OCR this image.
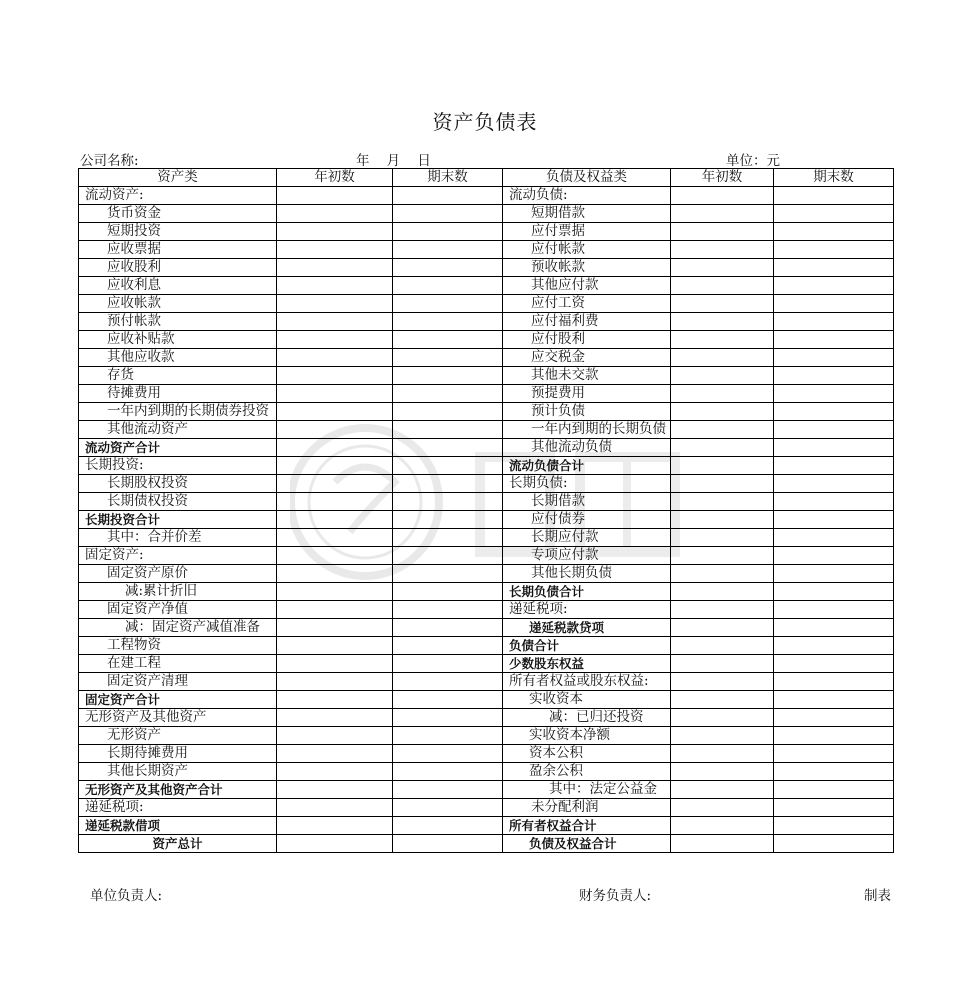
资产负债表
公司名称:	年    月    日	单位：元
资产类	年初数	期末数	负债及权益类	年初数	期末数
流动资产:			流动负债:		
货币资金			短期借款		
短期投资			应付票据		
应收票据			应付帐款		
应收股利			预收帐款		
应收利息			其他应付款		
应收帐款			应付工资		
预付帐款			应付福利费		
应收补贴款			应付股利		
其他应收款			应交税金		
存货			其他未交款		
待摊费用			预提费用		
一年内到期的长期债券投资			预计负债		
其他流动资产			一年内到期的长期负债		
流动资产合计			其他流动负债		
长期投资:			流动负债合计		
长期股权投资			长期负债:		
长期债权投资			长期借款		
长期投资合计			应付债券		
其中：合并价差			长期应付款		
固定资产:			专项应付款		
固定资产原价			其他长期负债		
减:累计折旧			长期负债合计		
固定资产净值			递延税项:		
减：固定资产减值准备			递延税款贷项		
工程物资			负债合计		
在建工程			少数股东权益		
固定资产清理			所有者权益或股东权益:		
固定资产合计			实收资本		
无形资产及其他资产			减：已归还投资		
无形资产			实收资本净额		
长期待摊费用			资本公积		
其他长期资产			盈余公积		
无形资产及其他资产合计			其中：法定公益金		
递延税项:			未分配利润		
递延税款借项			所有者权益合计		
资产总计			负债及权益合计		
单位负责人:	财务负责人:	制表
